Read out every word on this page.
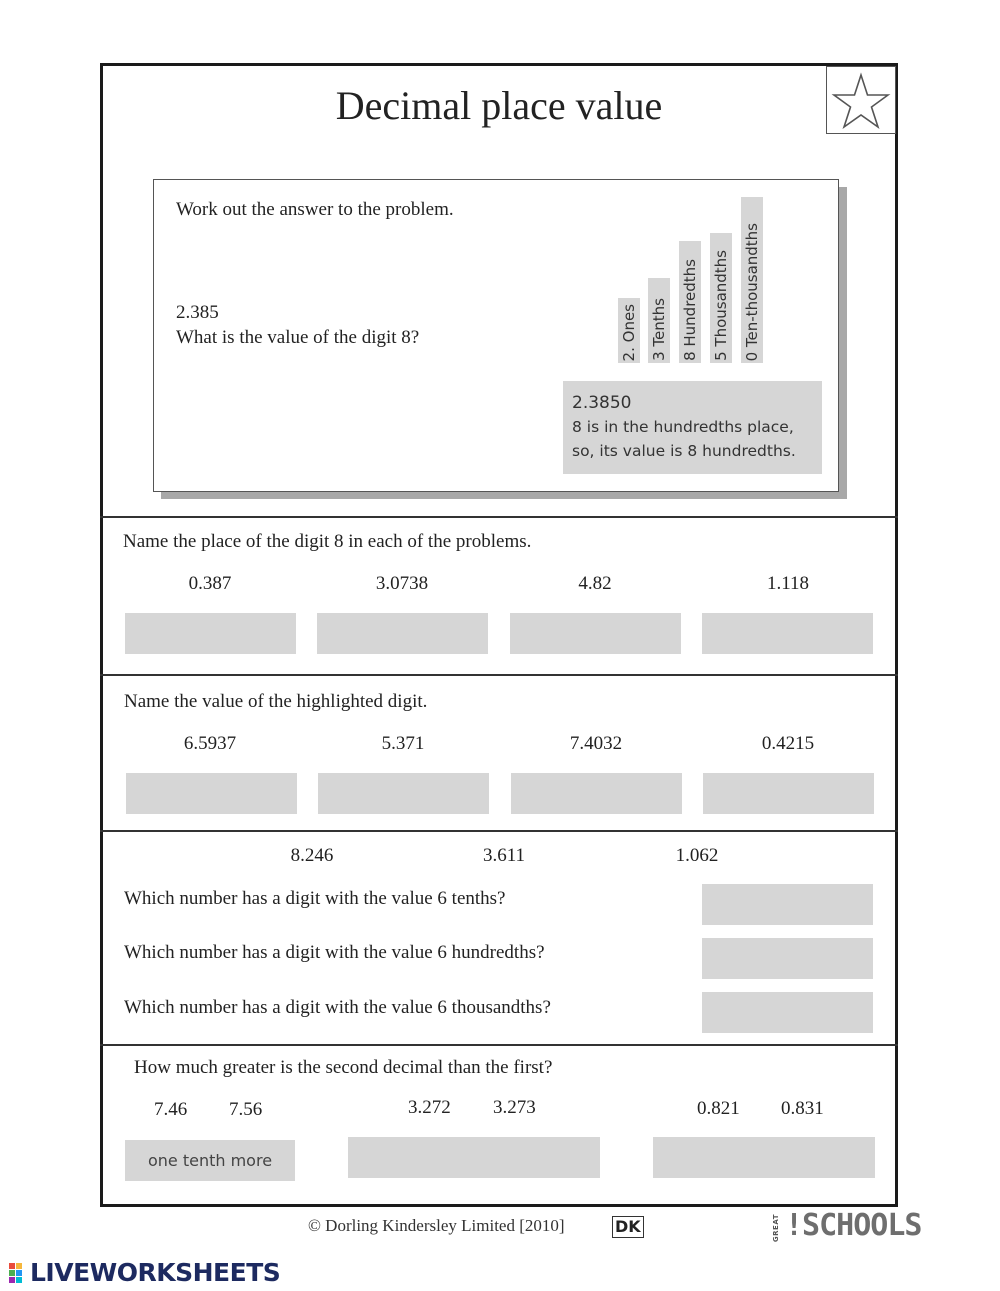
Decimal place value
Work out the answer to the problem.
2.385
What is the value of the digit 8?	2. Ones 3 Tenths 8 Hundredths 5 Thousandths 0 Ten-thousandths
2.3850
8 is in the hundredths place,
so, its value is 8 hundredths.
Name the place of the digit 8 in each of the problems.
0.387	3.0738	4.82	1.118
Name the value of the highlighted digit.
6.5937	5.371	7.4032	0.4215
8.246	3.611	1.062
Which number has a digit with the value 6 tenths?
Which number has a digit with the value 6 hundredths?
Which number has a digit with the value 6 thousandths?
How much greater is the second decimal than the first?
7.46 7.56	3.272 3.273	0.821 0.831
one tenth more
© Dorling Kindersley Limited [2010]	DK	GREAT !SCHOOLS
LIVEWORKSHEETS
